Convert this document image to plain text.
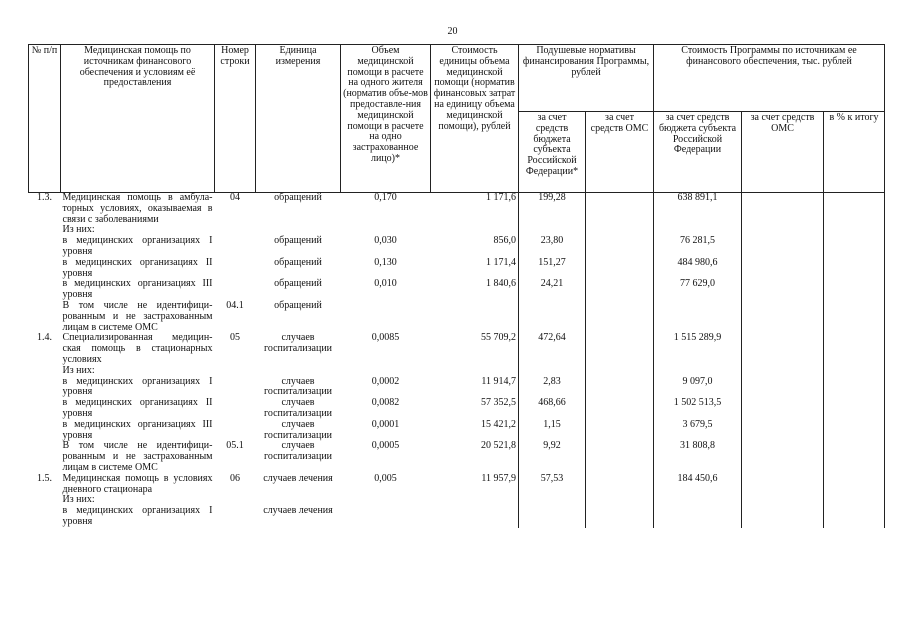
20
№ п/п	Медицинская помощь по источникам финансового обеспечения и условиям её предоставления	Номер строки	Единица измерения	Объем медицинской помощи в расчете на одного жителя (норматив объе-мов предоставле-ния медицинской помощи в расчете на одно застрахованное лицо)*	Стоимость единицы объема медицинской помощи (норматив финансовых затрат на единицу объема медицинской помощи), рублей	Подушевые нормативы финансирования Программы, рублей		Стоимость Программы по источникам ее финансового обеспечения, тыс. рублей		
						за счет средств бюджета субъекта Российской Федерации*	за счет средств ОМС	за счет средств бюджета субъекта Российской Федерации	за счет средств ОМС	в % к итогу
1.3.	Медицинская помощь в амбула-торных условиях, оказываемая в связи с заболеваниями	04	обращений	0,170	1 171,6	199,28		638 891,1		
	Из них:									
	в медицинских организациях I уровня		обращений	0,030	856,0	23,80		76 281,5		
	в медицинских организациях II уровня		обращений	0,130	1 171,4	151,27		484 980,6		
	в медицинских организациях III уровня		обращений	0,010	1 840,6	24,21		77 629,0		
	В том числе не идентифици-рованным и не застрахованным лицам в системе ОМС	04.1	обращений							
1.4.	Специализированная медицин-ская помощь в стационарных условиях	05	случаев госпитализации	0,0085	55 709,2	472,64		1 515 289,9		
	Из них:									
	в медицинских организациях I уровня		случаев госпитализации	0,0002	11 914,7	2,83		9 097,0		
	в медицинских организациях II уровня		случаев госпитализации	0,0082	57 352,5	468,66		1 502 513,5		
	в медицинских организациях III уровня		случаев госпитализации	0,0001	15 421,2	1,15		3 679,5		
	В том числе не идентифици-рованным и не застрахованным лицам в системе ОМС	05.1	случаев госпитализации	0,0005	20 521,8	9,92		31 808,8		
1.5.	Медицинская помощь в условиях дневного стационара	06	случаев лечения	0,005	11 957,9	57,53		184 450,6		
	Из них:									
	в медицинских организациях I уровня		случаев лечения							
